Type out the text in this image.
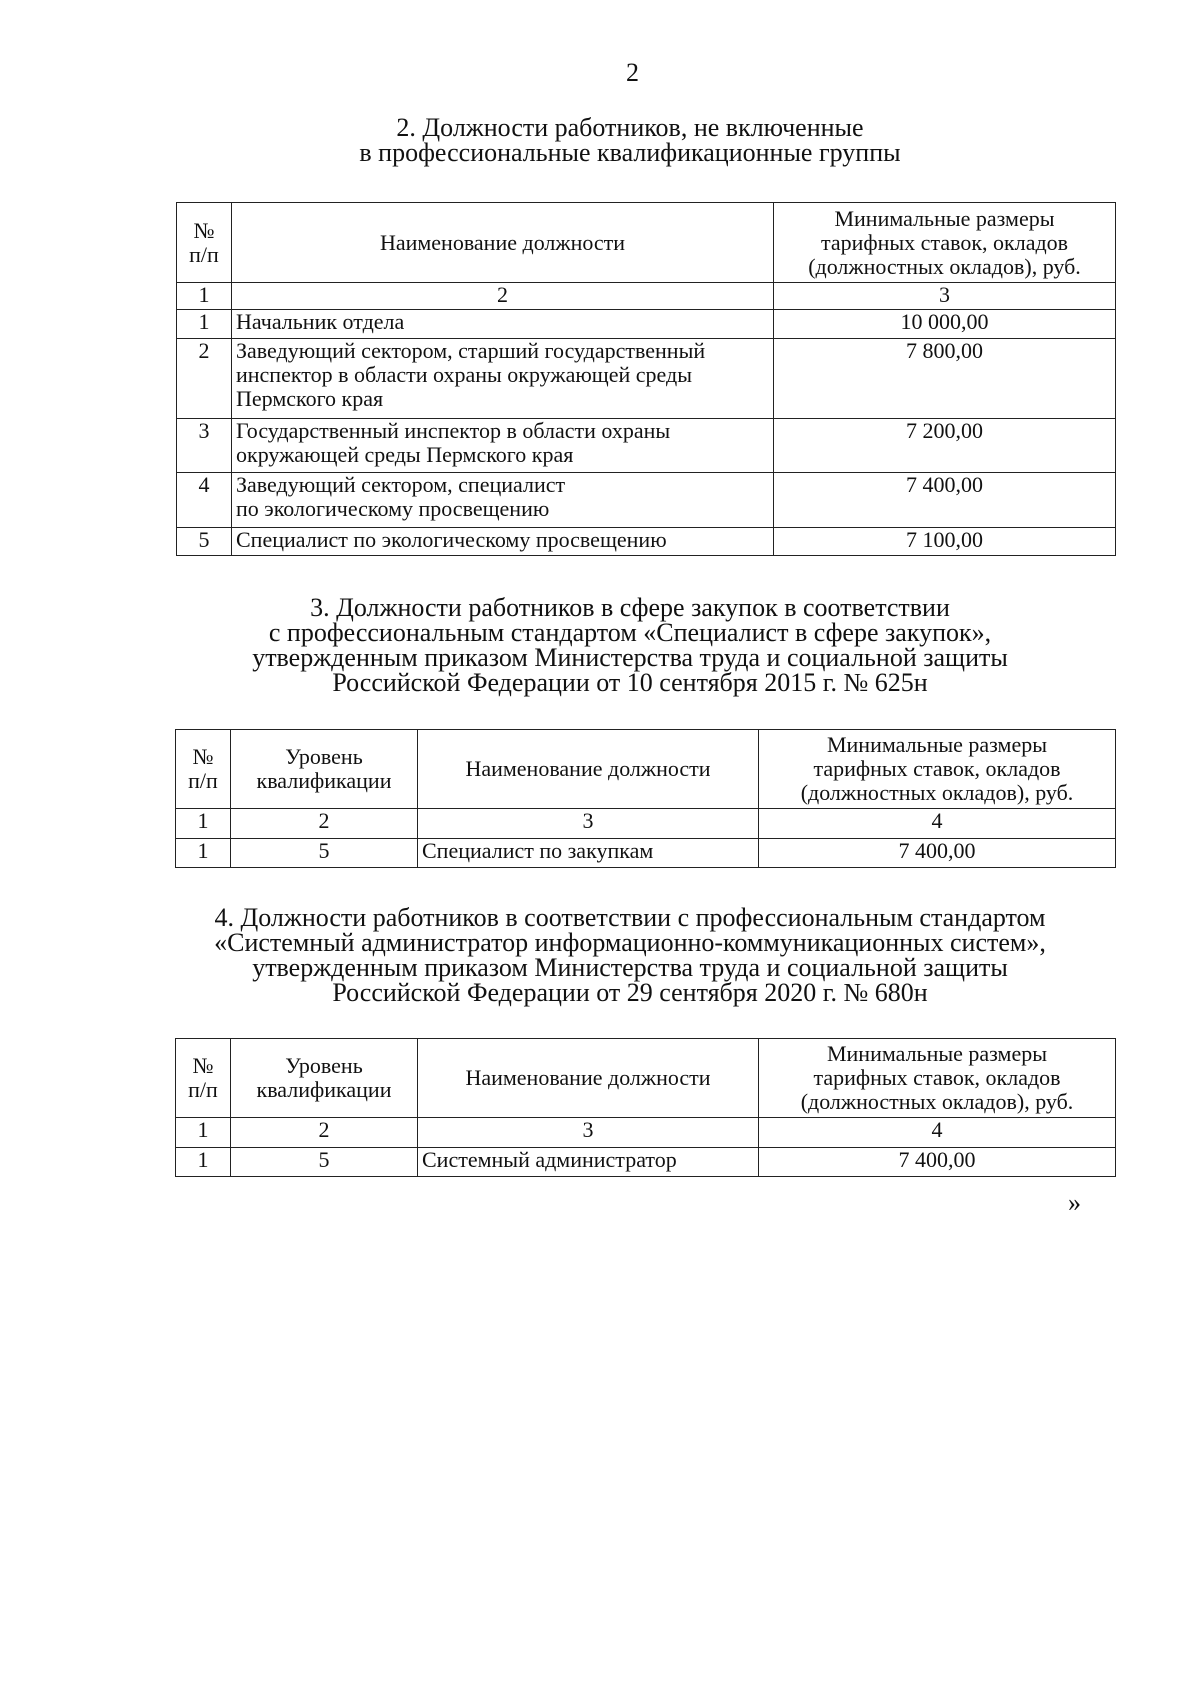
2
2. Должности работников, не включенные
в профессиональные квалификационные группы
№
п/п	Наименование должности	Минимальные размеры
тарифных ставок, окладов
(должностных окладов), руб.
1	2	3
1	Начальник отдела	10 000,00
2	Заведующий сектором, старший государственный
инспектор в области охраны окружающей среды
Пермского края	7 800,00
3	Государственный инспектор в области охраны
окружающей среды Пермского края	7 200,00
4	Заведующий сектором, специалист
по экологическому просвещению	7 400,00
5	Специалист по экологическому просвещению	7 100,00
3. Должности работников в сфере закупок в соответствии
с профессиональным стандартом «Специалист в сфере закупок»,
утвержденным приказом Министерства труда и социальной защиты
Российской Федерации от 10 сентября 2015 г. № 625н
№
п/п	Уровень
квалификации	Наименование должности	Минимальные размеры
тарифных ставок, окладов
(должностных окладов), руб.
1	2	3	4
1	5	Специалист по закупкам	7 400,00
4. Должности работников в соответствии с профессиональным стандартом
«Системный администратор информационно-коммуникационных систем»,
утвержденным приказом Министерства труда и социальной защиты
Российской Федерации от 29 сентября 2020 г. № 680н
№
п/п	Уровень
квалификации	Наименование должности	Минимальные размеры
тарифных ставок, окладов
(должностных окладов), руб.
1	2	3	4
1	5	Системный администратор	7 400,00
»
